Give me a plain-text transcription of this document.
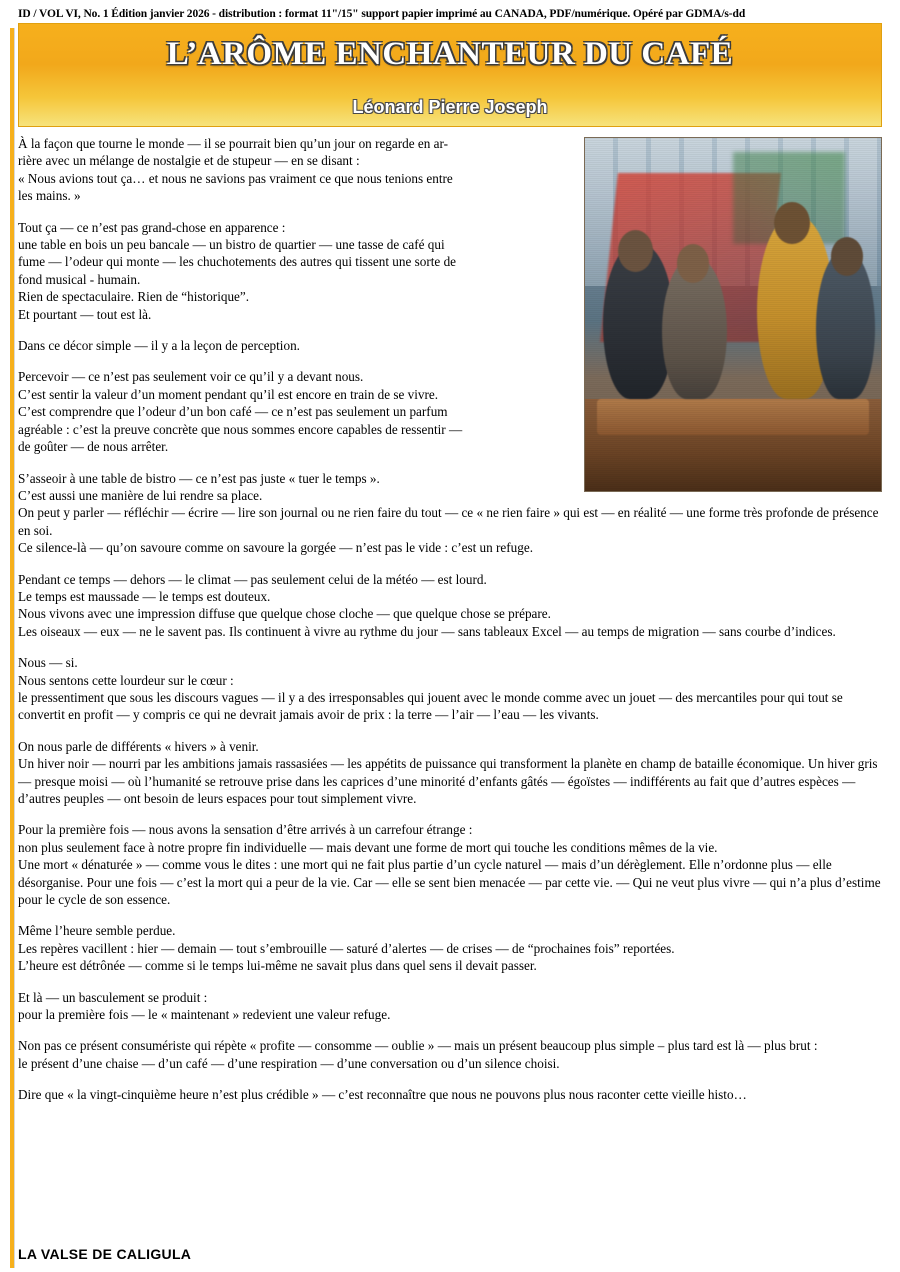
ID / VOL VI, No. 1 Édition janvier 2026 - distribution : format 11"/15" support papier imprimé au CANADA, PDF/numérique. Opéré par GDMA/s-dd
L’ARÔME ENCHANTEUR DU CAFÉ
Léonard Pierre Joseph
À la façon que tourne le monde — il se pourrait bien qu’un jour on regarde en ar-
rière avec un mélange de nostalgie et de stupeur — en se disant :
« Nous avions tout ça… et nous ne savions pas vraiment ce que nous tenions entre
les mains. »
Tout ça — ce n’est pas grand-chose en apparence :
une table en bois un peu bancale — un bistro de quartier — une tasse de café qui
fume — l’odeur qui monte — les chuchotements des autres qui tissent une sorte de
fond musical - humain.
Rien de spectaculaire. Rien de “historique”.
Et pourtant — tout est là.
Dans ce décor simple — il y a la leçon de perception.
Percevoir — ce n’est pas seulement voir ce qu’il y a devant nous.
C’est sentir la valeur d’un moment pendant qu’il est encore en train de se vivre.
C’est comprendre que l’odeur d’un bon café — ce n’est pas seulement un parfum
agréable : c’est la preuve concrète que nous sommes encore capables de ressentir —
de goûter — de nous arrêter.
S’asseoir à une table de bistro — ce n’est pas juste « tuer le temps ».
C’est aussi une manière de lui rendre sa place.
On peut y parler — réfléchir — écrire — lire son journal ou ne rien faire du tout — ce « ne rien faire » qui est — en réalité — une forme très profonde de présence en soi.
Ce silence-là — qu’on savoure comme on savoure la gorgée — n’est pas le vide : c’est un refuge.
Pendant ce temps — dehors — le climat — pas seulement celui de la météo — est lourd.
Le temps est maussade — le temps est douteux.
Nous vivons avec une impression diffuse que quelque chose cloche — que quelque chose se prépare.
Les oiseaux — eux — ne le savent pas. Ils continuent à vivre au rythme du jour — sans tableaux Excel — au temps de migration — sans courbe d’indices.
Nous — si.
Nous sentons cette lourdeur sur le cœur :
le pressentiment que sous les discours vagues — il y a des irresponsables qui jouent avec le monde comme avec un jouet — des mercantiles pour qui tout se convertit en profit — y compris ce qui ne devrait jamais avoir de prix : la terre — l’air — l’eau — les vivants.
On nous parle de différents « hivers » à venir.
Un hiver noir — nourri par les ambitions jamais rassasiées — les appétits de puissance qui transforment la planète en champ de bataille économique. Un hiver gris — presque moisi — où l’humanité se retrouve prise dans les caprices d’une minorité d’enfants gâtés — égoïstes — indifférents au fait que d’autres espèces — d’autres peuples — ont besoin de leurs espaces pour tout simplement vivre.
Pour la première fois — nous avons la sensation d’être arrivés à un carrefour étrange :
non plus seulement face à notre propre fin individuelle — mais devant une forme de mort qui touche les conditions mêmes de la vie.
Une mort « dénaturée » — comme vous le dites : une mort qui ne fait plus partie d’un cycle naturel — mais d’un dérèglement. Elle n’ordonne plus — elle désorganise. Pour une fois — c’est la mort qui a peur de la vie. Car — elle se sent bien menacée — par cette vie. — Qui ne veut plus vivre — qui n’a plus d’estime pour le cycle de son essence.
Même l’heure semble perdue.
Les repères vacillent : hier — demain — tout s’embrouille — saturé d’alertes — de crises — de “prochaines fois” reportées.
L’heure est détrônée — comme si le temps lui-même ne savait plus dans quel sens il devait passer.
Et là — un basculement se produit :
pour la première fois — le « maintenant » redevient une valeur refuge.
Non pas ce présent consumériste qui répète « profite — consomme — oublie » — mais un présent beaucoup plus simple – plus tard est là — plus brut :
le présent d’une chaise — d’un café — d’une respiration — d’une conversation ou d’un silence choisi.
Dire que « la vingt-cinquième heure n’est plus crédible » — c’est reconnaître que nous ne pouvons plus nous raconter cette vieille histo…
LA VALSE DE CALIGULA
